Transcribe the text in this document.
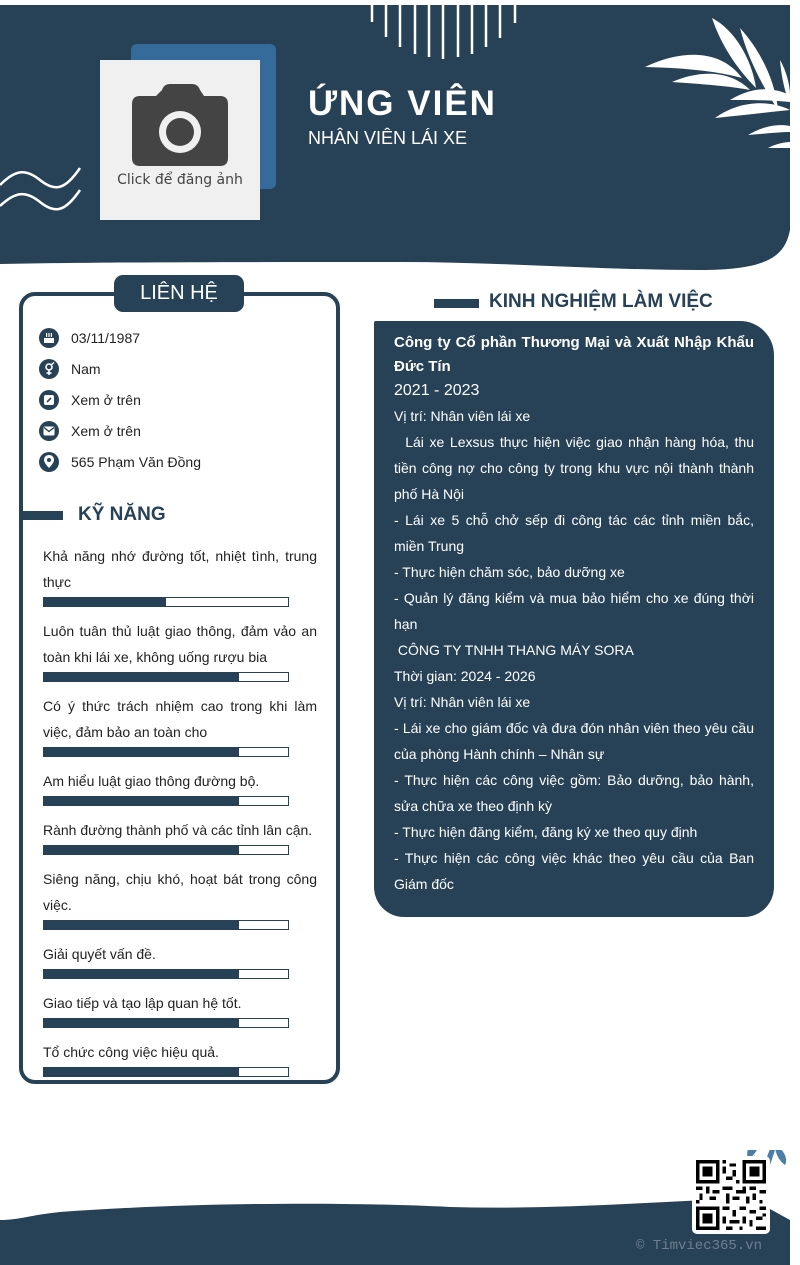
Click để đăng ảnh
ỨNG VIÊN
NHÂN VIÊN LÁI XE
LIÊN HỆ
03/11/1987
Nam
Xem ở trên
Xem ở trên
565 Phạm Văn Đồng
KỸ NĂNG
Khả năng nhớ đường tốt, nhiệt tình, trung thực
Luôn tuân thủ luật giao thông, đảm vảo an toàn khi lái xe, không uống rượu bia
Có ý thức trách nhiệm cao trong khi làm việc, đảm bảo an toàn cho
Am hiểu luật giao thông đường bộ.
Rành đường thành phố và các tỉnh lân cận.
Siêng năng, chịu khó, hoạt bát trong công việc.
Giải quyết vấn đề.
Giao tiếp và tạo lập quan hệ tốt.
Tổ chức công việc hiệu quả.
KINH NGHIỆM LÀM VIỆC
Công ty Cổ phần Thương Mại và Xuất Nhập Khẩu Đức Tín
2021 - 2023
Vị trí: Nhân viên lái xe
Lái xe Lexsus thực hiện việc giao nhận hàng hóa, thu tiền công nợ cho công ty trong khu vực nội thành thành phố Hà Nội
- Lái xe 5 chỗ chở sếp đi công tác các tỉnh miền bắc, miền Trung
- Thực hiện chăm sóc, bảo dưỡng xe
- Quản lý đăng kiểm và mua bảo hiểm cho xe đúng thời hạn
CÔNG TY TNHH THANG MÁY SORA
Thời gian: 2024 - 2026
Vị trí: Nhân viên lái xe
- Lái xe cho giám đốc và đưa đón nhân viên theo yêu cầu của phòng Hành chính – Nhân sự
- Thực hiện các công việc gồm: Bảo dưỡng, bảo hành, sửa chữa xe theo định kỳ
- Thực hiện đăng kiểm, đăng ký xe theo quy định
- Thực hiện các công việc khác theo yêu cầu của Ban Giám đốc
© Timviec365.vn
